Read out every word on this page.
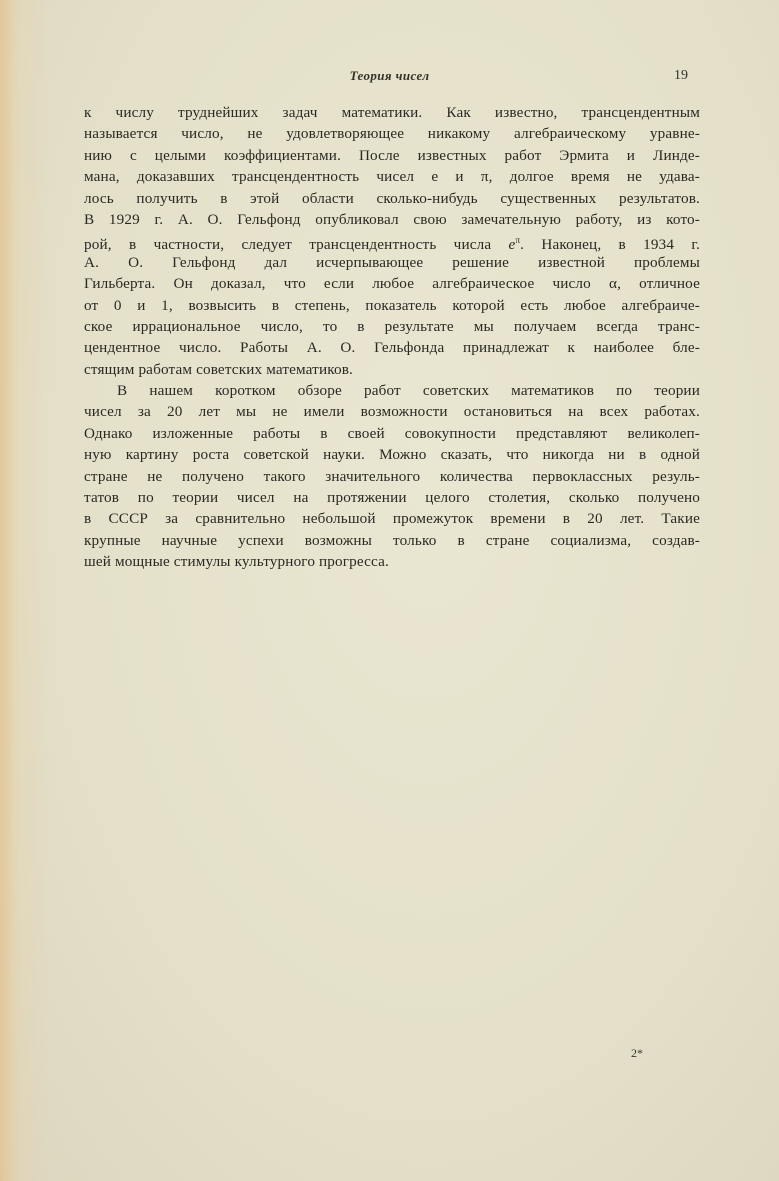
Теория чисел	19
к числу труднейших задач математики. Как известно, трансцендентным
называется число, не удовлетворяющее никакому алгебраическому уравне-
нию с целыми коэффициентами. После известных работ Эрмита и Линде-
мана, доказавших трансцендентность чисел e и π, долгое время не удава-
лось получить в этой области сколько-нибудь существенных результатов.
В 1929 г. А. О. Гельфонд опубликовал свою замечательную работу, из кото-
рой, в частности, следует трансцендентность числа $e^\pi$. Наконец, в 1934 г.
А. О. Гельфонд дал исчерпывающее решение известной проблемы
Гильберта. Он доказал, что если любое алгебраическое число α, отличное
от 0 и 1, возвысить в степень, показатель которой есть любое алгебраиче-
ское иррациональное число, то в результате мы получаем всегда транс-
цендентное число. Работы А. О. Гельфонда принадлежат к наиболее бле-
стящим работам советских математиков.
В нашем коротком обзоре работ советских математиков по теории
чисел за 20 лет мы не имели возможности остановиться на всех работах.
Однако изложенные работы в своей совокупности представляют великолеп-
ную картину роста советской науки. Можно сказать, что никогда ни в одной
стране не получено такого значительного количества первоклассных резуль-
татов по теории чисел на протяжении целого столетия, сколько получено
в СССР за сравнительно небольшой промежуток времени в 20 лет. Такие
крупные научные успехи возможны только в стране социализма, создав-
шей мощные стимулы культурного прогресса.
2*
